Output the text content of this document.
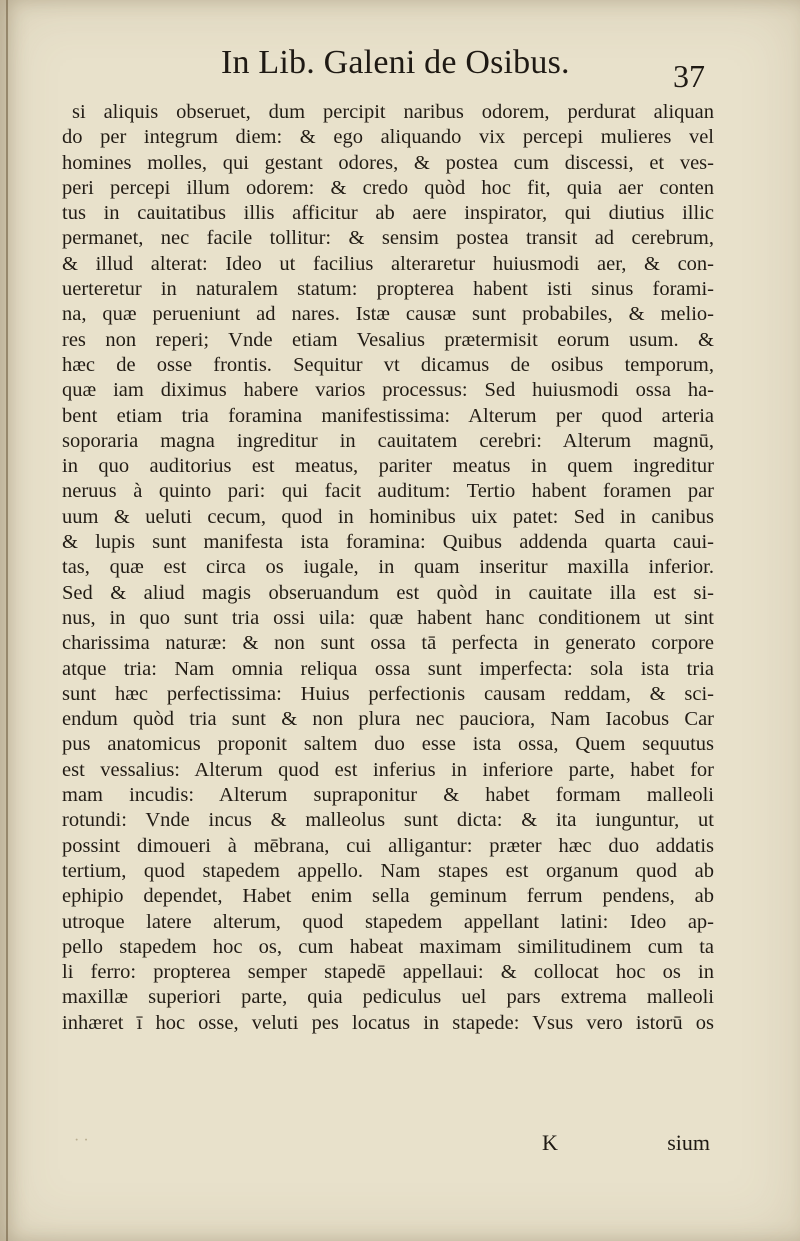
In Lib. Galeni de Osibus.	37
si aliquis obseruet, dum percipit naribus odorem, perdurat aliquan
do per integrum diem: & ego aliquando vix percepi mulieres vel
homines molles, qui gestant odores, & postea cum discessi, et ves-
peri percepi illum odorem: & credo quòd hoc fit, quia aer conten
tus in cauitatibus illis afficitur ab aere inspirator, qui diutius illic
permanet, nec facile tollitur: & sensim postea transit ad cerebrum,
& illud alterat: Ideo ut facilius alteraretur huiusmodi aer, & con-
uerteretur in naturalem statum: propterea habent isti sinus forami-
na, quæ perueniunt ad nares. Istæ causæ sunt probabiles, & melio-
res non reperi; Vnde etiam Vesalius prætermisit eorum usum. &
hæc de osse frontis. Sequitur vt dicamus de osibus temporum,
quæ iam diximus habere varios processus: Sed huiusmodi ossa ha-
bent etiam tria foramina manifestissima: Alterum per quod arteria
soporaria magna ingreditur in cauitatem cerebri: Alterum magnū,
in quo auditorius est meatus, pariter meatus in quem ingreditur
neruus à quinto pari: qui facit auditum: Tertio habent foramen par
uum & ueluti cecum, quod in hominibus uix patet: Sed in canibus
& lupis sunt manifesta ista foramina: Quibus addenda quarta caui-
tas, quæ est circa os iugale, in quam inseritur maxilla inferior.
Sed & aliud magis obseruandum est quòd in cauitate illa est si-
nus, in quo sunt tria ossi uila: quæ habent hanc conditionem ut sint
charissima naturæ: & non sunt ossa tā perfecta in generato corpore
atque tria: Nam omnia reliqua ossa sunt imperfecta: sola ista tria
sunt hæc perfectissima: Huius perfectionis causam reddam, & sci-
endum quòd tria sunt & non plura nec pauciora, Nam Iacobus Car
pus anatomicus proponit saltem duo esse ista ossa, Quem sequutus
est vessalius: Alterum quod est inferius in inferiore parte, habet for
mam incudis: Alterum supraponitur & habet formam malleoli
rotundi: Vnde incus & malleolus sunt dicta: & ita iunguntur, ut
possint dimoueri à mēbrana, cui alligantur: præter hæc duo addatis
tertium, quod stapedem appello. Nam stapes est organum quod ab
ephipio dependet, Habet enim sella geminum ferrum pendens, ab
utroque latere alterum, quod stapedem appellant latini: Ideo ap-
pello stapedem hoc os, cum habeat maximam similitudinem cum ta
li ferro: propterea semper stapedē appellaui: & collocat hoc os in
maxillæ superiori parte, quia pediculus uel pars extrema malleoli
inhæret ī hoc osse, veluti pes locatus in stapede: Vsus vero istorū os
· ·	K	sium
